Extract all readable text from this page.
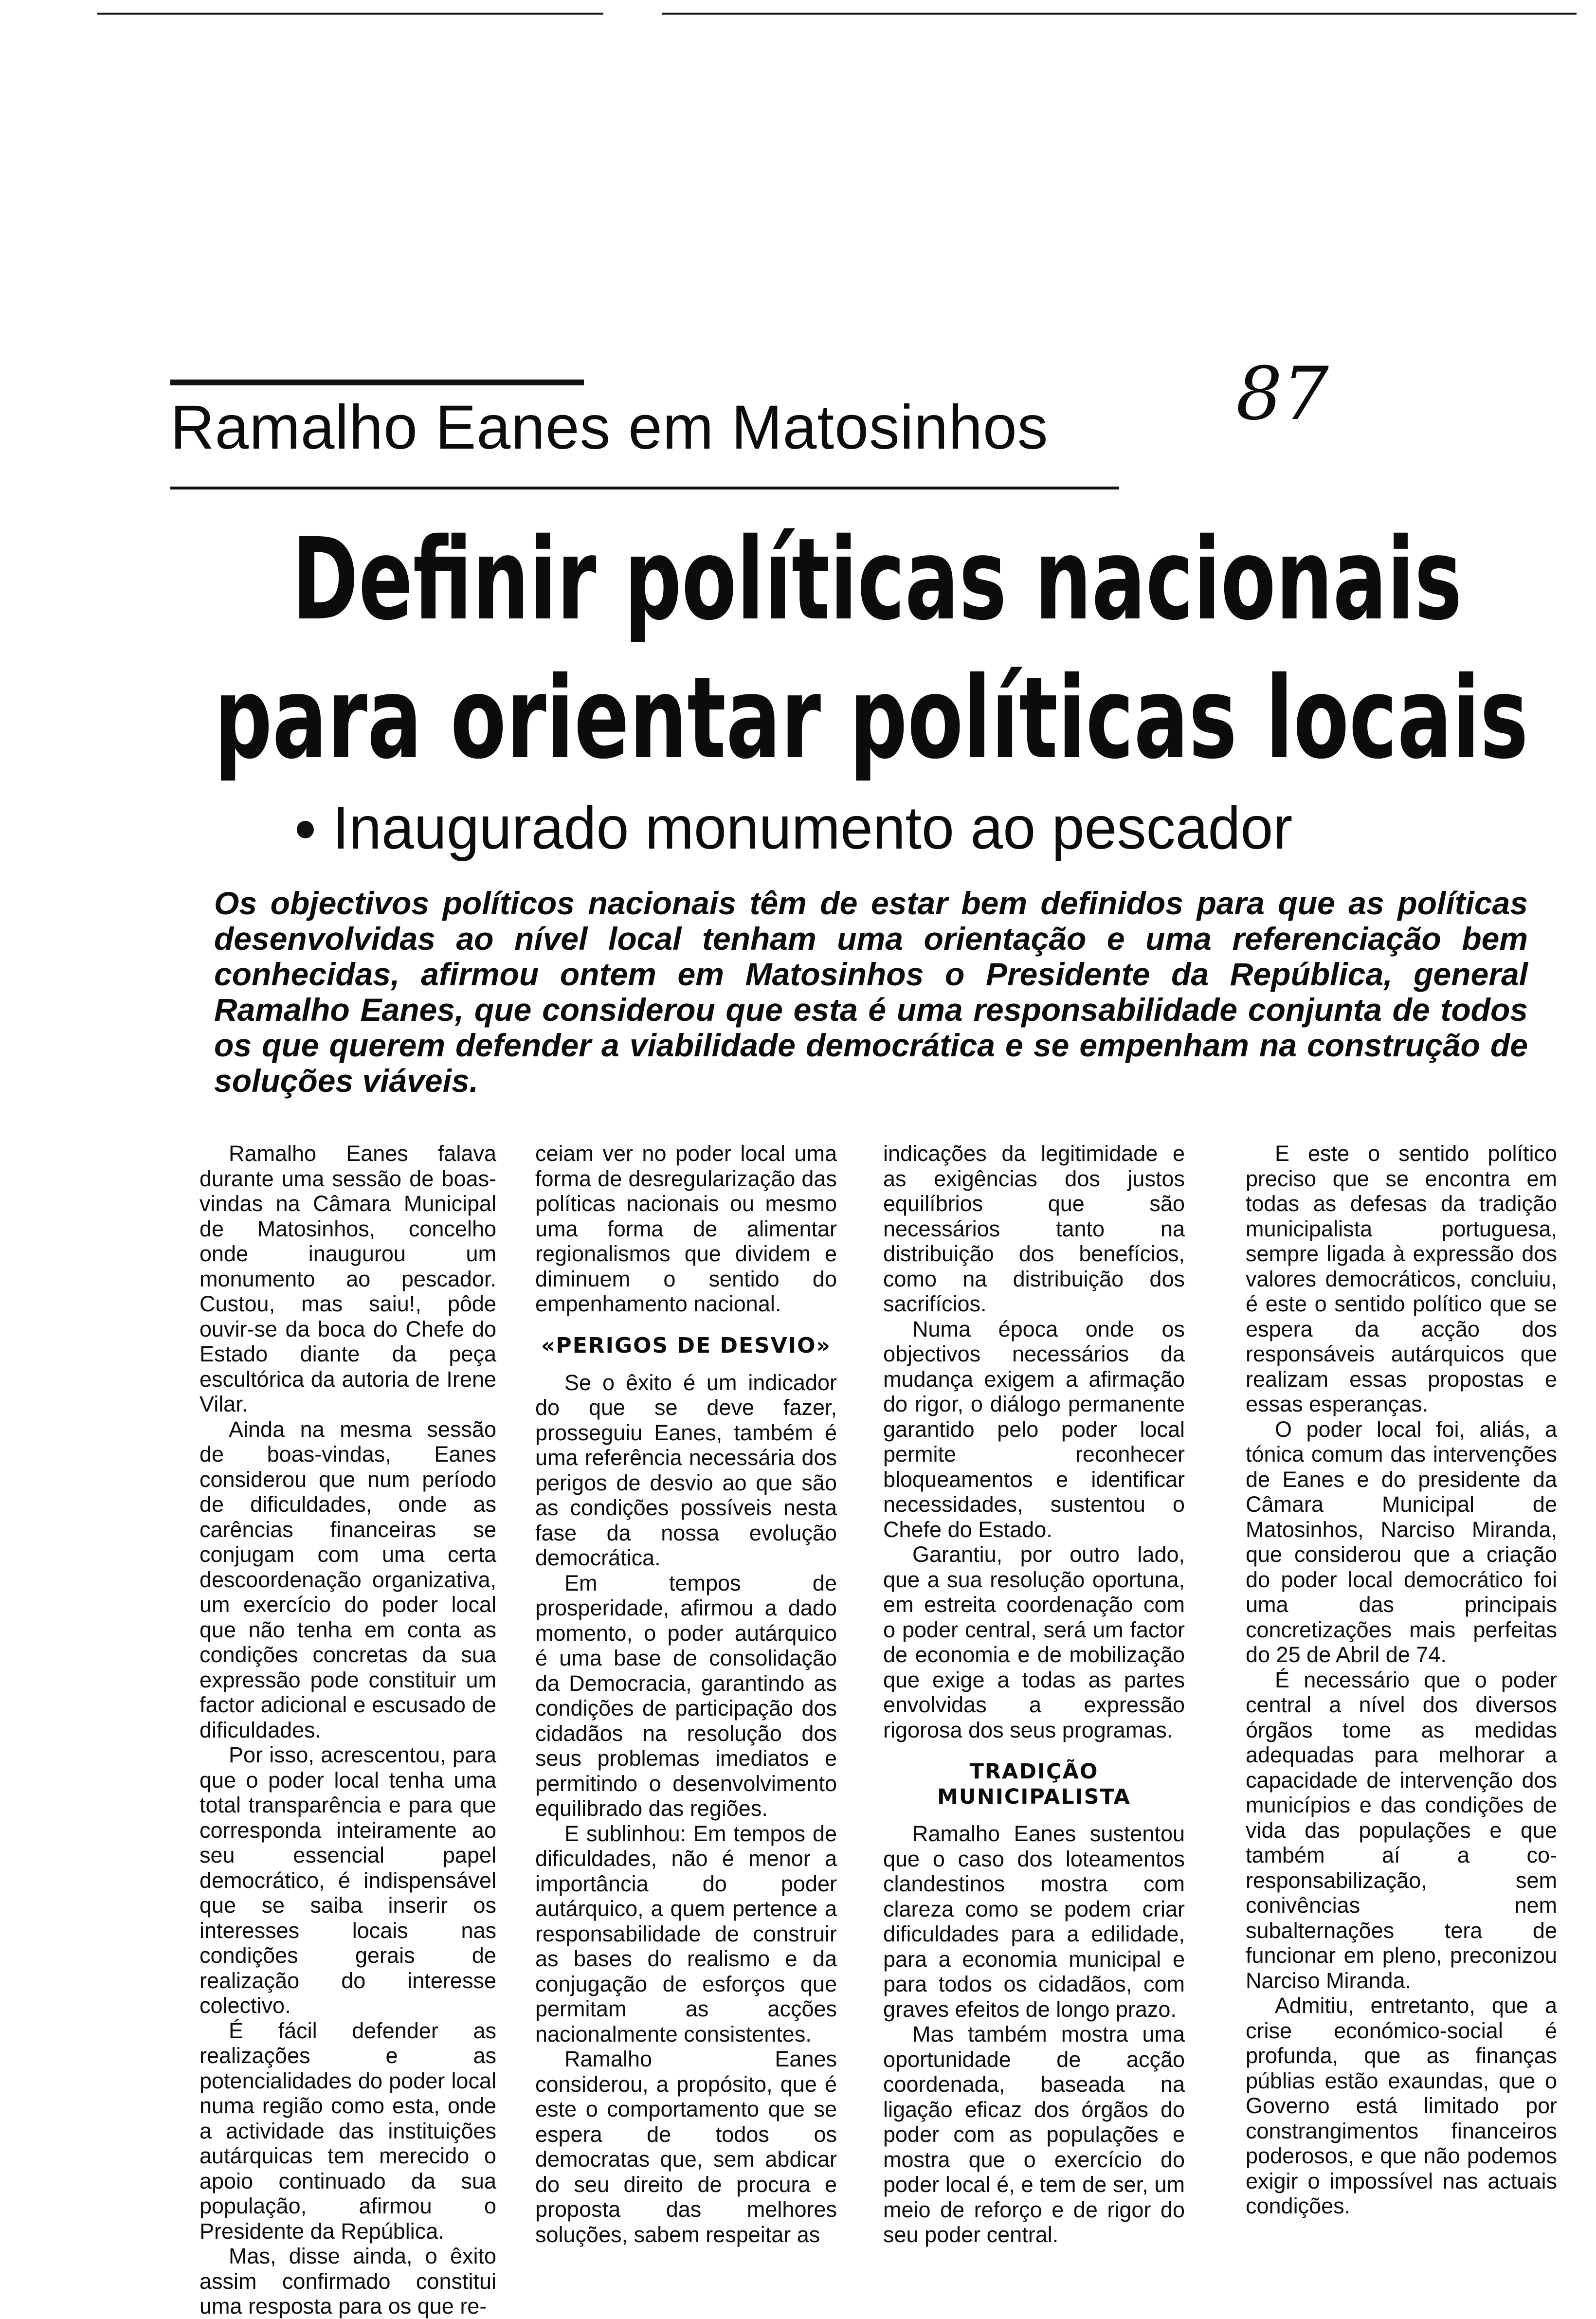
Ramalho Eanes em Matosinhos	87
Definir políticas nacionais
para orientar políticas locais
Inaugurado monumento ao pescador

Os objectivos políticos nacionais têm de estar bem definidos para que as políticas desenvolvidas ao nível local tenham uma orientação e uma referenciação bem conhecidas, afirmou ontem em Matosinhos o Presidente da República, general Ramalho Eanes, que considerou que esta é uma responsabilidade conjunta de todos os que querem defender a viabilidade democrática e se empenham na construção de soluções viáveis.

Ramalho Eanes falava durante uma sessão de boas-vindas na Câmara Municipal de Matosinhos, concelho onde inaugurou um monumento ao pescador. Custou, mas saiu!, pôde ouvir-se da boca do Chefe do Estado diante da peça escultórica da autoria de Irene Vilar.

Ainda na mesma sessão de boas-vindas, Eanes considerou que num período de dificuldades, onde as carências financeiras se conjugam com uma certa descoordenação organizativa, um exercício do poder local que não tenha em conta as condições concretas da sua expressão pode constituir um factor adicional e escusado de dificuldades.

Por isso, acrescentou, para que o poder local tenha uma total transparência e para que corresponda inteiramente ao seu essencial papel democrático, é indispensável que se saiba inserir os interesses locais nas condições gerais de realização do interesse colectivo.

É fácil defender as realizações e as potencialidades do poder local numa região como esta, onde a actividade das instituições autárquicas tem merecido o apoio continuado da sua população, afirmou o Presidente da República.

Mas, disse ainda, o êxito assim confirmado constitui uma resposta para os que re-

ceiam ver no poder local uma forma de desregularização das políticas nacionais ou mesmo uma forma de alimentar regionalismos que dividem e diminuem o sentido do empenhamento nacional.

«PERIGOS DE DESVIO»

Se o êxito é um indicador do que se deve fazer, prosseguiu Eanes, também é uma referência necessária dos perigos de desvio ao que são as condições possíveis nesta fase da nossa evolução democrática.

Em tempos de prosperidade, afirmou a dado momento, o poder autárquico é uma base de consolidação da Democracia, garantindo as condições de participação dos cidadãos na resolução dos seus problemas imediatos e permitindo o desenvolvimento equilibrado das regiões.

E sublinhou: Em tempos de dificuldades, não é menor a importância do poder autárquico, a quem pertence a responsabilidade de construir as bases do realismo e da conjugação de esforços que permitam as acções nacionalmente consistentes.

Ramalho Eanes considerou, a propósito, que é este o comportamento que se espera de todos os democratas que, sem abdicar do seu direito de procura e proposta das melhores soluções, sabem respeitar as

indicações da legitimidade e as exigências dos justos equilíbrios que são necessários tanto na distribuição dos benefícios, como na distribuição dos sacrifícios.

Numa época onde os objectivos necessários da mudança exigem a afirmação do rigor, o diálogo permanente garantido pelo poder local permite reconhecer bloqueamentos e identificar necessidades, sustentou o Chefe do Estado.

Garantiu, por outro lado, que a sua resolução oportuna, em estreita coordenação com o poder central, será um factor de economia e de mobilização que exige a todas as partes envolvidas a expressão rigorosa dos seus programas.

TRADIÇÃO
MUNICIPALISTA

Ramalho Eanes sustentou que o caso dos loteamentos clandestinos mostra com clareza como se podem criar dificuldades para a edilidade, para a economia municipal e para todos os cidadãos, com graves efeitos de longo prazo.

Mas também mostra uma oportunidade de acção coordenada, baseada na ligação eficaz dos órgãos do poder com as populações e mostra que o exercício do poder local é, e tem de ser, um meio de reforço e de rigor do seu poder central.

E este o sentido político preciso que se encontra em todas as defesas da tradição municipalista portuguesa, sempre ligada à expressão dos valores democráticos, concluiu, é este o sentido político que se espera da acção dos responsáveis autárquicos que realizam essas propostas e essas esperanças.

O poder local foi, aliás, a tónica comum das intervenções de Eanes e do presidente da Câmara Municipal de Matosinhos, Narciso Miranda, que considerou que a criação do poder local democrático foi uma das principais concretizações mais perfeitas do 25 de Abril de 74.

É necessário que o poder central a nível dos diversos órgãos tome as medidas adequadas para melhorar a capacidade de intervenção dos municípios e das condições de vida das populações e que também aí a co-responsabilização, sem conivências nem subalternações tera de funcionar em pleno, preconizou Narciso Miranda.

Admitiu, entretanto, que a crise económico-social é profunda, que as finanças públias estão exaundas, que o Governo está limitado por constrangimentos financeiros poderosos, e que não podemos exigir o impossível nas actuais condições.
